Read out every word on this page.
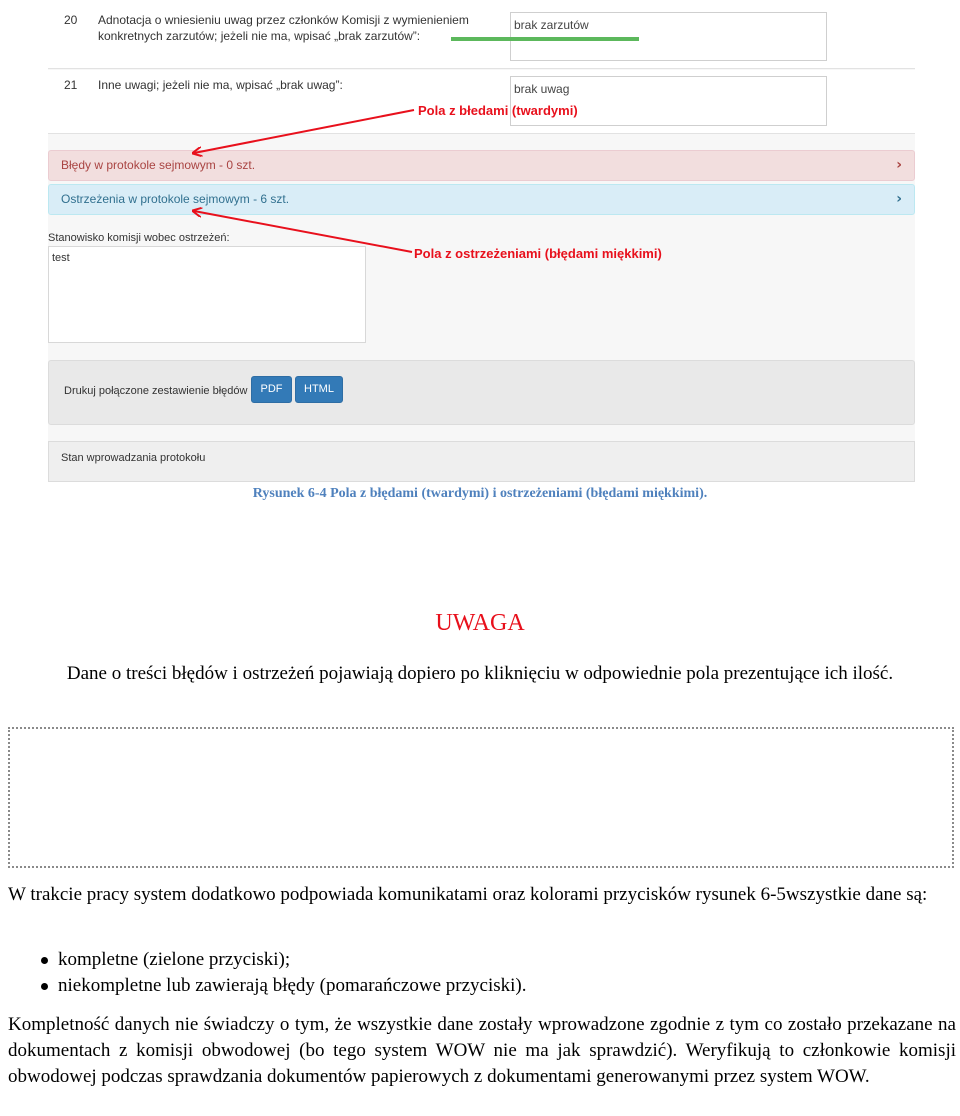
20 Adnotacja o wniesieniu uwag przez członków Komisji z wymienieniem konkretnych zarzutów; jeżeli nie ma, wpisać „brak zarzutów”:
brak zarzutów
21 Inne uwagi; jeżeli nie ma, wpisać „brak uwag”:	brak uwag
Błędy w protokole sejmowym - 0 szt.	›
Ostrzeżenia w protokole sejmowym - 6 szt.	›
Stanowisko komisji wobec ostrzeżeń:
test
Drukuj połączone zestawienie błędów	PDF	HTML
Stan wprowadzania protokołu
Pola z błedami (twardymi)
Pola z ostrzeżeniami (błędami miękkimi)
Rysunek 6-4 Pola z błędami (twardymi) i ostrzeżeniami (błędami miękkimi).
UWAGA
Dane o treści błędów i ostrzeżeń pojawiają dopiero po kliknięciu w odpowiednie pola prezentujące ich ilość.
W trakcie pracy system dodatkowo podpowiada komunikatami oraz kolorami przycisków rysunek 6-5wszystkie dane są:
kompletne (zielone przyciski);
niekompletne lub zawierają błędy (pomarańczowe przyciski).
Kompletność danych nie świadczy o tym, że wszystkie dane zostały wprowadzone zgodnie z tym co zostało przekazane na dokumentach z komisji obwodowej (bo tego system WOW nie ma jak sprawdzić). Weryfikują to członkowie komisji obwodowej podczas sprawdzania dokumentów papierowych z dokumentami generowanymi przez system WOW.
